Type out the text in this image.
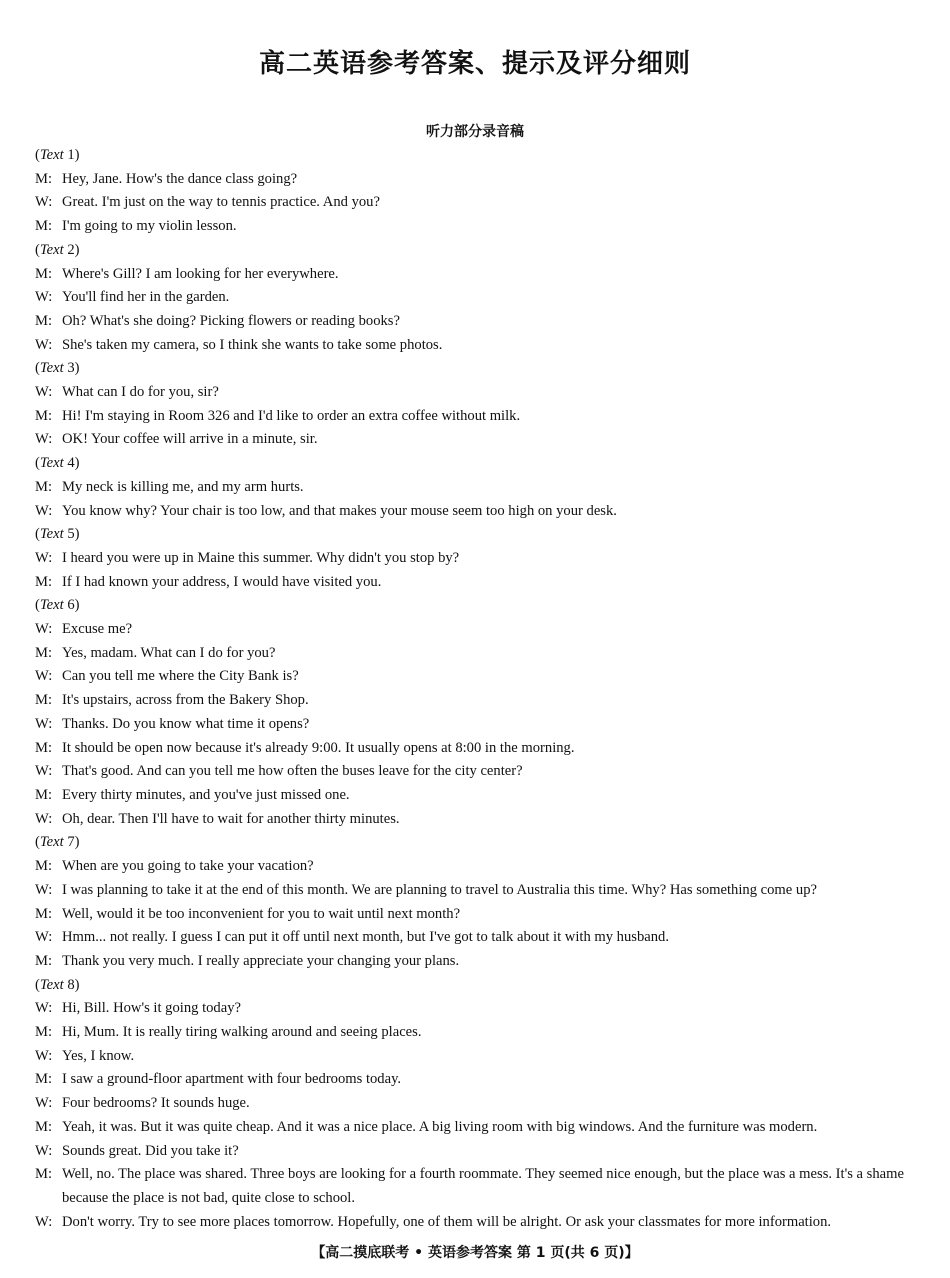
高二英语参考答案、提示及评分细则
听力部分录音稿
(Text 1)
M: Hey, Jane. How's the dance class going?
W: Great. I'm just on the way to tennis practice. And you?
M: I'm going to my violin lesson.
(Text 2)
M: Where's Gill? I am looking for her everywhere.
W: You'll find her in the garden.
M: Oh? What's she doing? Picking flowers or reading books?
W: She's taken my camera, so I think she wants to take some photos.
(Text 3)
W: What can I do for you, sir?
M: Hi! I'm staying in Room 326 and I'd like to order an extra coffee without milk.
W: OK! Your coffee will arrive in a minute, sir.
(Text 4)
M: My neck is killing me, and my arm hurts.
W: You know why? Your chair is too low, and that makes your mouse seem too high on your desk.
(Text 5)
W: I heard you were up in Maine this summer. Why didn't you stop by?
M: If I had known your address, I would have visited you.
(Text 6)
W: Excuse me?
M: Yes, madam. What can I do for you?
W: Can you tell me where the City Bank is?
M: It's upstairs, across from the Bakery Shop.
W: Thanks. Do you know what time it opens?
M: It should be open now because it's already 9:00. It usually opens at 8:00 in the morning.
W: That's good. And can you tell me how often the buses leave for the city center?
M: Every thirty minutes, and you've just missed one.
W: Oh, dear. Then I'll have to wait for another thirty minutes.
(Text 7)
M: When are you going to take your vacation?
W: I was planning to take it at the end of this month. We are planning to travel to Australia this time. Why? Has something come up?
M: Well, would it be too inconvenient for you to wait until next month?
W: Hmm... not really. I guess I can put it off until next month, but I've got to talk about it with my husband.
M: Thank you very much. I really appreciate your changing your plans.
(Text 8)
W: Hi, Bill. How's it going today?
M: Hi, Mum. It is really tiring walking around and seeing places.
W: Yes, I know.
M: I saw a ground-floor apartment with four bedrooms today.
W: Four bedrooms? It sounds huge.
M: Yeah, it was. But it was quite cheap. And it was a nice place. A big living room with big windows. And the furniture was modern.
W: Sounds great. Did you take it?
M: Well, no. The place was shared. Three boys are looking for a fourth roommate. They seemed nice enough, but the place was a mess. It's a shame because the place is not bad, quite close to school.
W: Don't worry. Try to see more places tomorrow. Hopefully, one of them will be alright. Or ask your classmates for more information.
【高二摸底联考 • 英语参考答案 第 1 页(共 6 页)】
